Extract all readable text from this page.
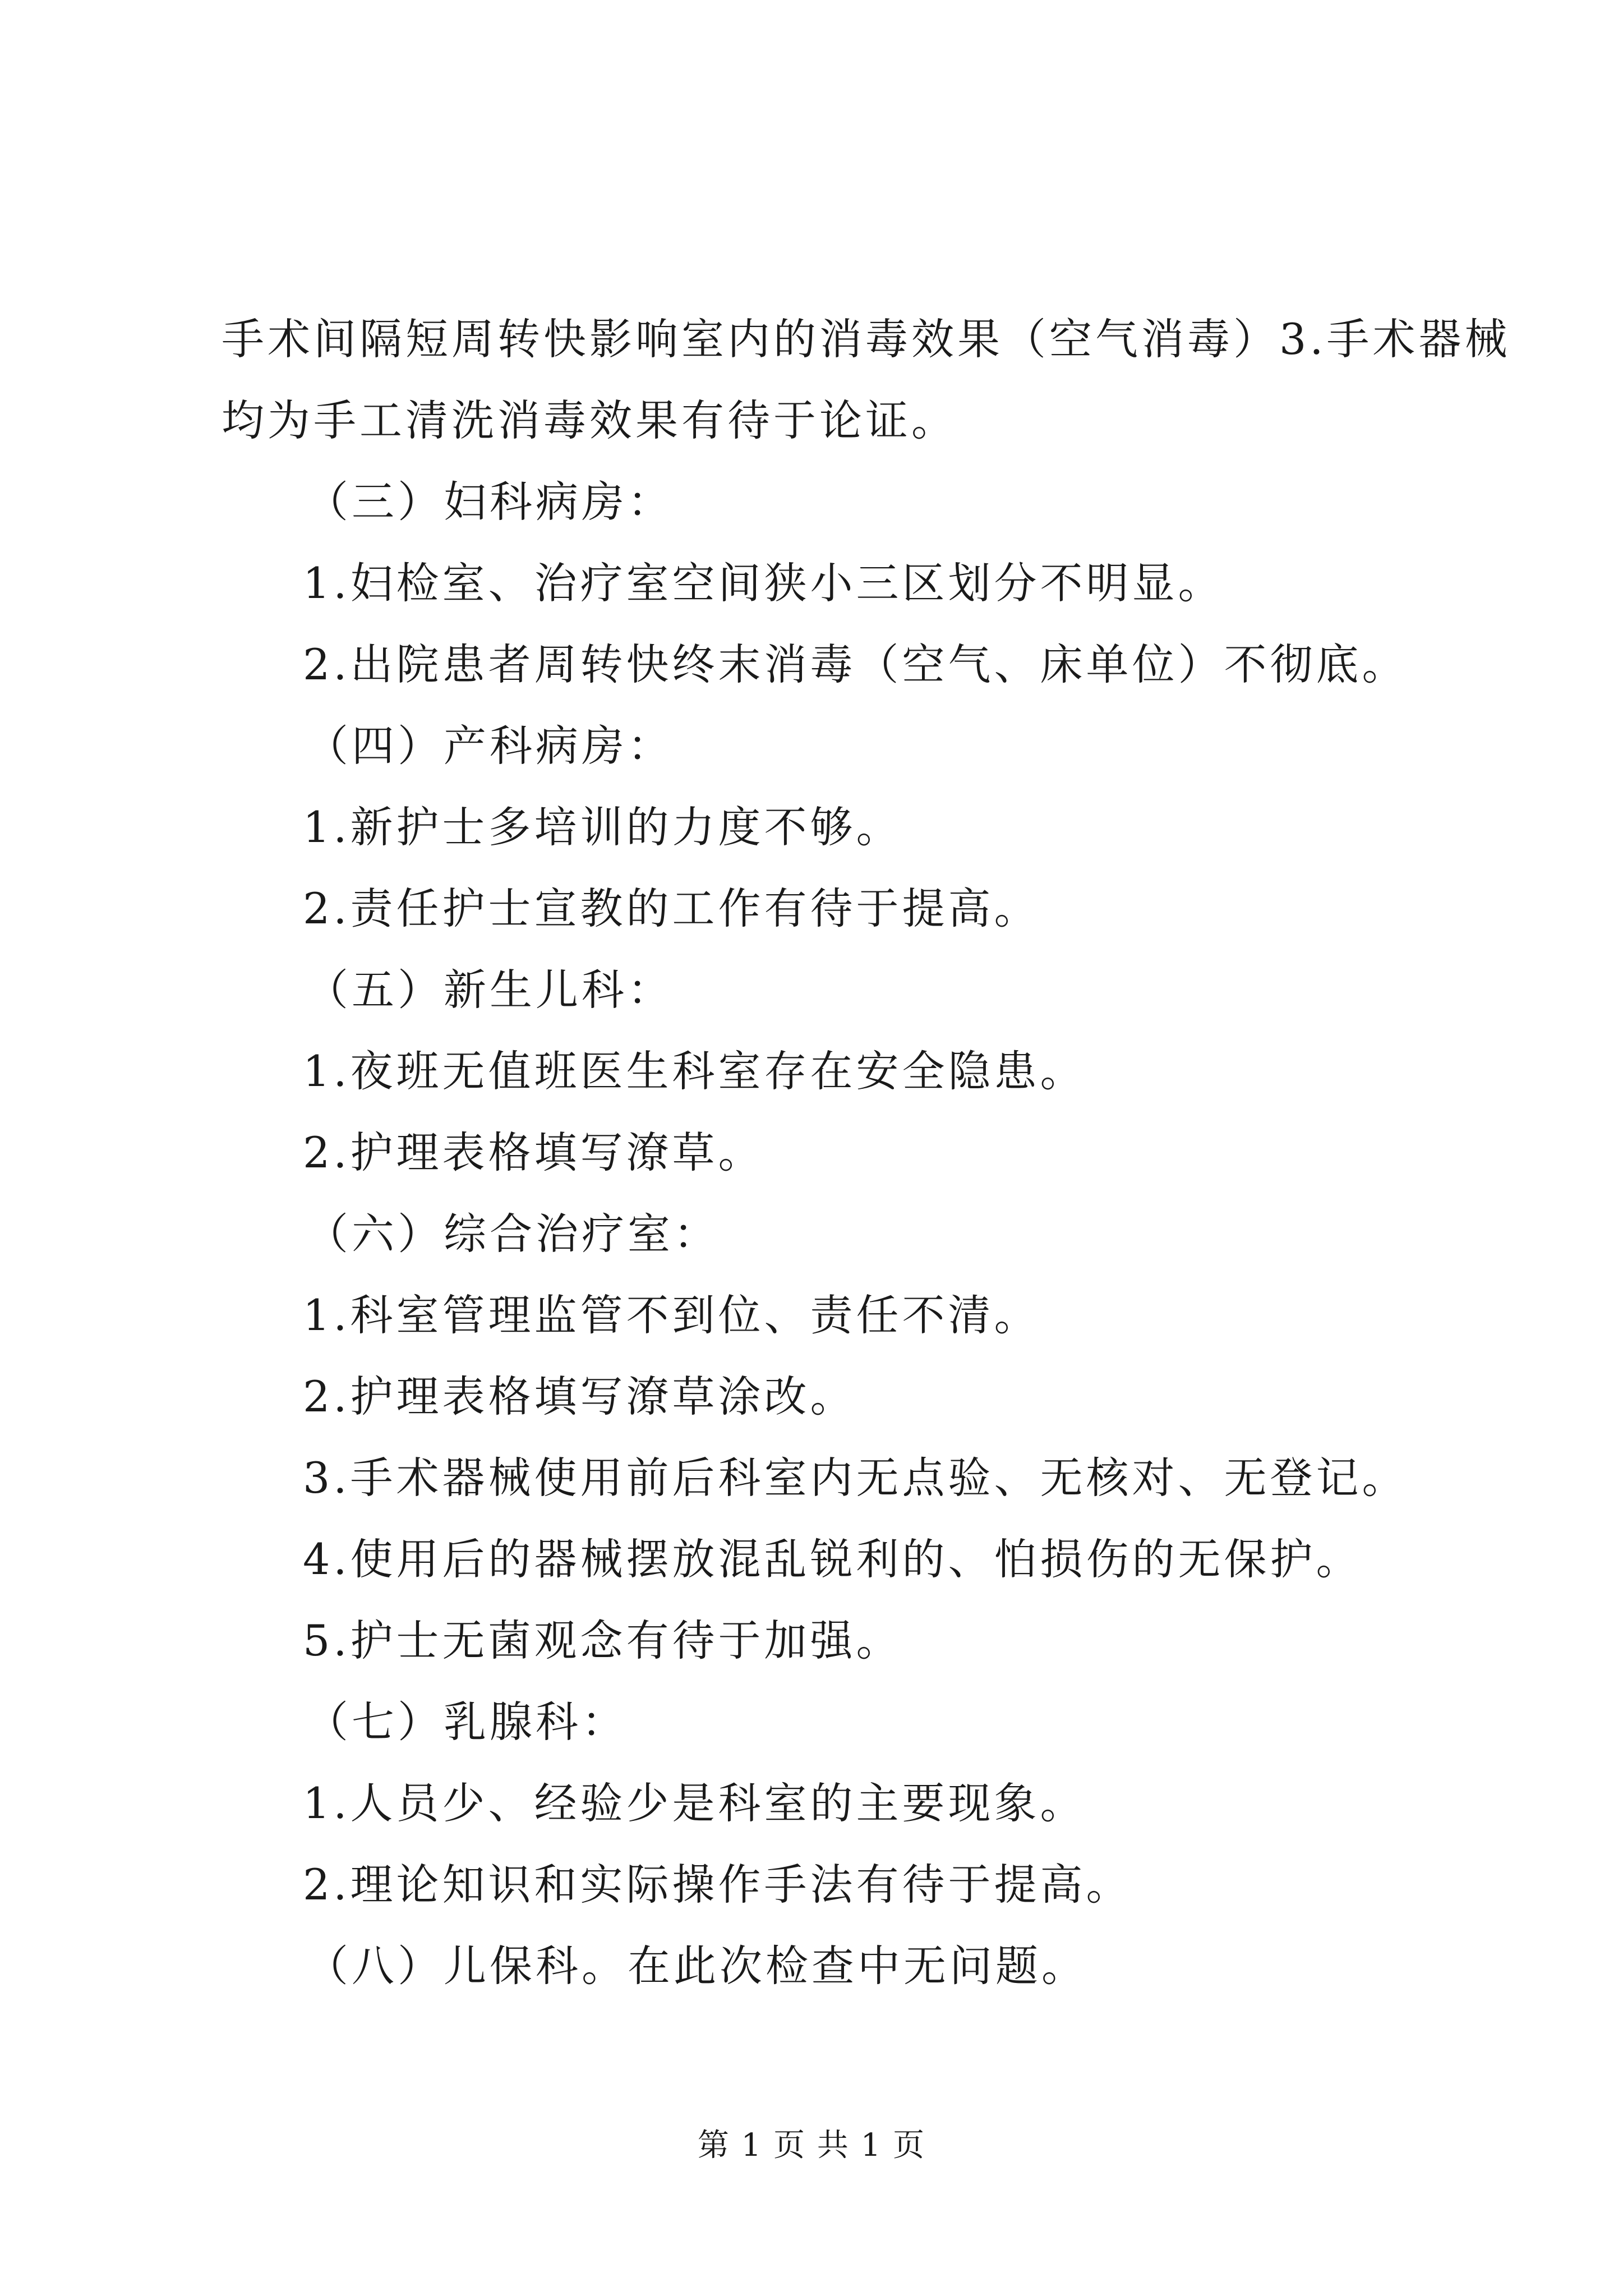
手术间隔短周转快影响室内的消毒效果（空气消毒）3.手术器械
均为手工清洗消毒效果有待于论证。
（三）妇科病房：
1.妇检室、治疗室空间狭小三区划分不明显。
2.出院患者周转快终末消毒（空气、床单位）不彻底。
（四）产科病房：
1.新护士多培训的力度不够。
2.责任护士宣教的工作有待于提高。
（五）新生儿科：
1.夜班无值班医生科室存在安全隐患。
2.护理表格填写潦草。
（六）综合治疗室：
1.科室管理监管不到位、责任不清。
2.护理表格填写潦草涂改。
3.手术器械使用前后科室内无点验、无核对、无登记。
4.使用后的器械摆放混乱锐利的、怕损伤的无保护。
5.护士无菌观念有待于加强。
（七）乳腺科：
1.人员少、经验少是科室的主要现象。
2.理论知识和实际操作手法有待于提高。
（八）儿保科。在此次检查中无问题。
第 1 页 共 1 页
